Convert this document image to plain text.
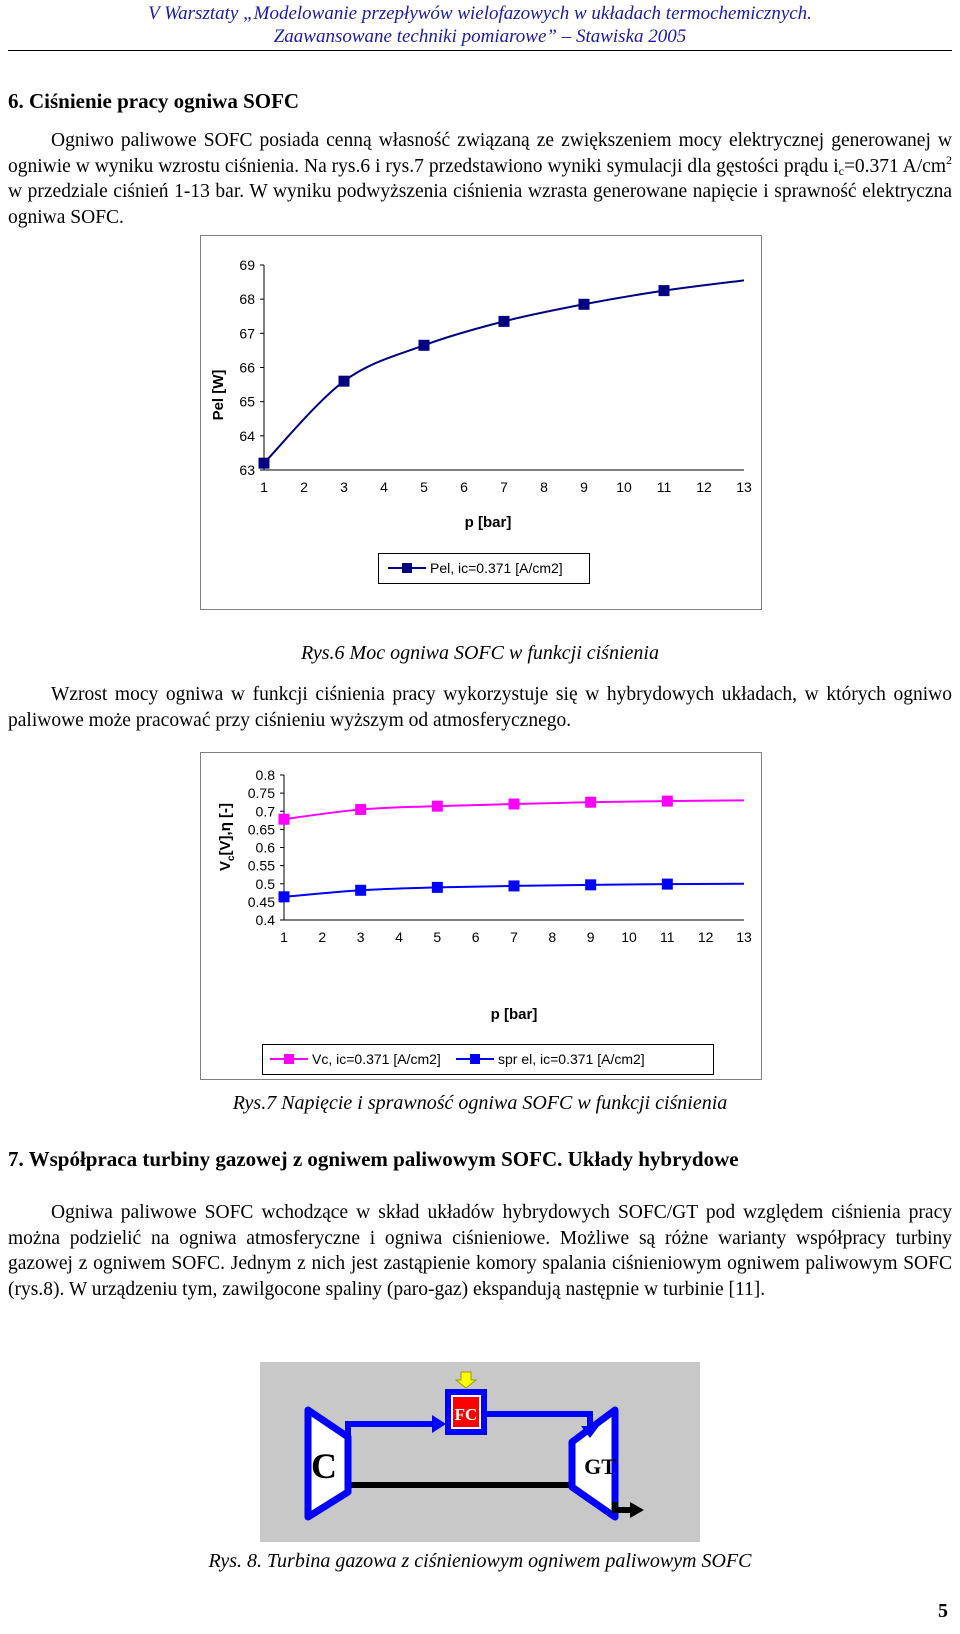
V Warsztaty „Modelowanie przepływów wielofazowych w układach termochemicznych.
Zaawansowane techniki pomiarowe” – Stawiska 2005
6. Ciśnienie pracy ogniwa SOFC
Ogniwo paliwowe SOFC posiada cenną własność związaną ze zwiększeniem mocy elektrycznej generowanej w ogniwie w wyniku wzrostu ciśnienia. Na rys.6 i rys.7 przedstawiono wyniki symulacji dla gęstości prądu $i_c=0.371$ $A/cm^2$ w przedziale ciśnień 1-13 bar. W wyniku podwyższenia ciśnienia wzrasta generowane napięcie i sprawność elektryczna ogniwa SOFC.
69
68
67
66
65
64
63
1 2 3 4 5 6 7 8 9 10 11 12 13
Pel [W]
p [bar]
Pel, ic=0.371 [A/cm2]
Rys.6 Moc ogniwa SOFC w funkcji ciśnienia
Wzrost mocy ogniwa w funkcji ciśnienia pracy wykorzystuje się w hybrydowych układach, w których ogniwo paliwowe może pracować przy ciśnieniu wyższym od atmosferycznego.
0.8
0.75
0.7
0.65
0.6
0.55
0.5
0.45
0.4
1 2 3 4 5 6 7 8 9 10 11 12 13
$V_c[V],\eta$ [-]
p [bar]
Vc, ic=0.371 [A/cm2]	spr el, ic=0.371 [A/cm2]
Rys.7 Napięcie i sprawność ogniwa SOFC w funkcji ciśnienia
7. Współpraca turbiny gazowej z ogniwem paliwowym SOFC. Układy hybrydowe
Ogniwa paliwowe SOFC wchodzące w skład układów hybrydowych SOFC/GT pod względem ciśnienia pracy można podzielić na ogniwa atmosferyczne i ogniwa ciśnieniowe. Możliwe są różne warianty współpracy turbiny gazowej z ogniwem SOFC. Jednym z nich jest zastąpienie komory spalania ciśnieniowym ogniwem paliwowym SOFC (rys.8). W urządzeniu tym, zawilgocone spaliny (paro-gaz) ekspandują następnie w turbinie [11].
C	GT
FC
Rys. 8. Turbina gazowa z ciśnieniowym ogniwem paliwowym SOFC
5
